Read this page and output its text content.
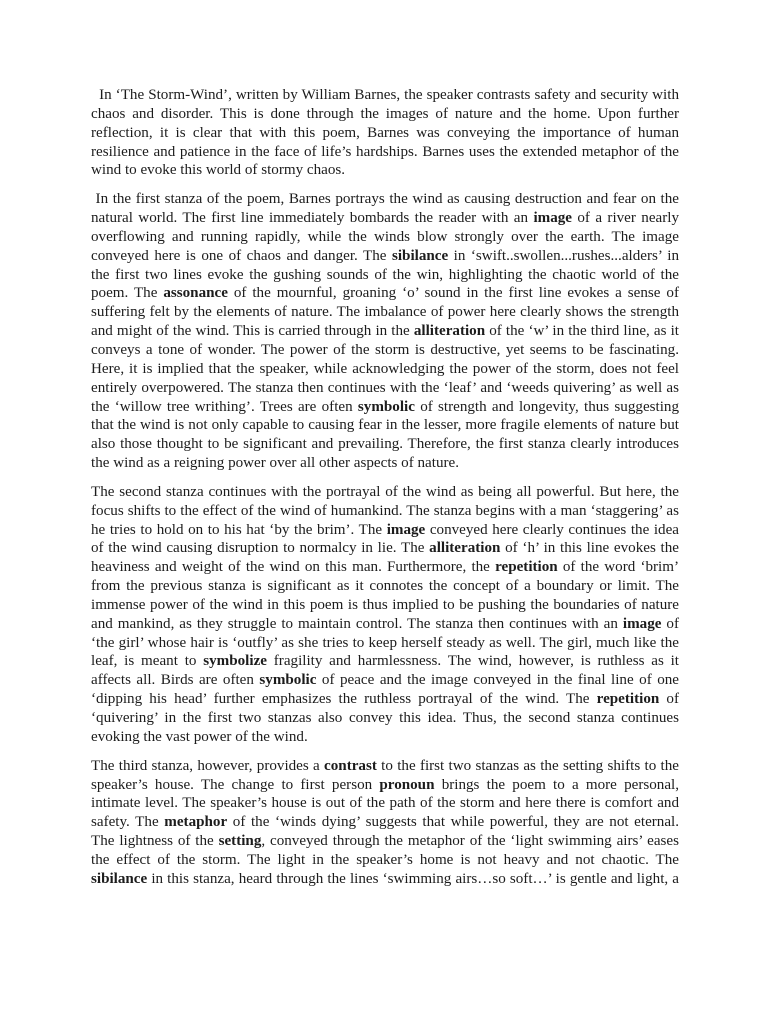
In ‘The Storm-Wind’, written by William Barnes, the speaker contrasts safety and security with
chaos and disorder. This is done through the images of nature and the home. Upon further
reflection, it is clear that with this poem, Barnes was conveying the importance of human
resilience and patience in the face of life’s hardships. Barnes uses the extended metaphor of the
wind to evoke this world of stormy chaos.
In the first stanza of the poem, Barnes portrays the wind as causing destruction and fear on the
natural world. The first line immediately bombards the reader with an image of a river nearly
overflowing and running rapidly, while the winds blow strongly over the earth. The image
conveyed here is one of chaos and danger. The sibilance in ‘swift..swollen...rushes...alders’ in
the first two lines evoke the gushing sounds of the win, highlighting the chaotic world of the
poem. The assonance of the mournful, groaning ‘o’ sound in the first line evokes a sense of
suffering felt by the elements of nature. The imbalance of power here clearly shows the strength
and might of the wind. This is carried through in the alliteration of the ‘w’ in the third line, as it
conveys a tone of wonder. The power of the storm is destructive, yet seems to be fascinating.
Here, it is implied that the speaker, while acknowledging the power of the storm, does not feel
entirely overpowered. The stanza then continues with the ‘leaf’ and ‘weeds quivering’ as well as
the ‘willow tree writhing’. Trees are often symbolic of strength and longevity, thus suggesting
that the wind is not only capable to causing fear in the lesser, more fragile elements of nature but
also those thought to be significant and prevailing. Therefore, the first stanza clearly introduces
the wind as a reigning power over all other aspects of nature.
The second stanza continues with the portrayal of the wind as being all powerful. But here, the
focus shifts to the effect of the wind of humankind. The stanza begins with a man ‘staggering’ as
he tries to hold on to his hat ‘by the brim’. The image conveyed here clearly continues the idea
of the wind causing disruption to normalcy in lie. The alliteration of ‘h’ in this line evokes the
heaviness and weight of the wind on this man. Furthermore, the repetition of the word ‘brim’
from the previous stanza is significant as it connotes the concept of a boundary or limit. The
immense power of the wind in this poem is thus implied to be pushing the boundaries of nature
and mankind, as they struggle to maintain control. The stanza then continues with an image of
‘the girl’ whose hair is ‘outfly’ as she tries to keep herself steady as well. The girl, much like the
leaf, is meant to symbolize fragility and harmlessness. The wind, however, is ruthless as it
affects all. Birds are often symbolic of peace and the image conveyed in the final line of one
‘dipping his head’ further emphasizes the ruthless portrayal of the wind. The repetition of
‘quivering’ in the first two stanzas also convey this idea. Thus, the second stanza continues
evoking the vast power of the wind.
The third stanza, however, provides a contrast to the first two stanzas as the setting shifts to the
speaker’s house. The change to first person pronoun brings the poem to a more personal,
intimate level. The speaker’s house is out of the path of the storm and here there is comfort and
safety. The metaphor of the ‘winds dying’ suggests that while powerful, they are not eternal.
The lightness of the setting, conveyed through the metaphor of the ‘light swimming airs’ eases
the effect of the storm. The light in the speaker’s home is not heavy and not chaotic. The
sibilance in this stanza, heard through the lines ‘swimming airs…so soft…’ is gentle and light, a
